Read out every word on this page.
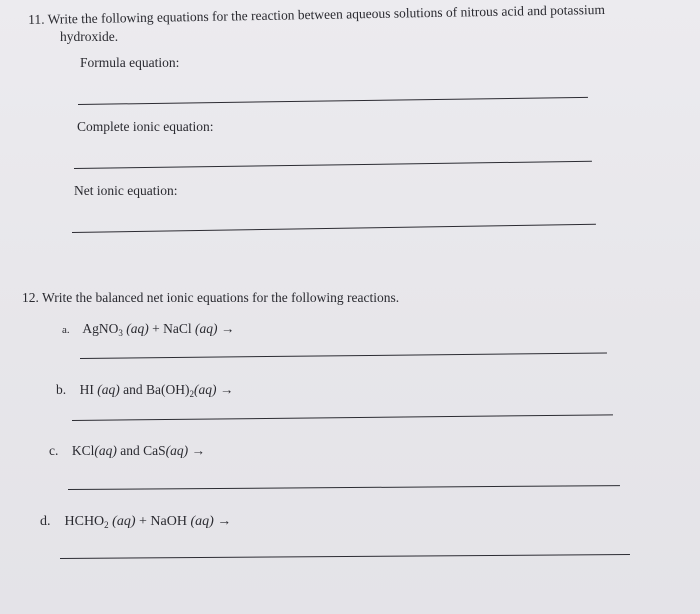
11. Write the following equations for the reaction between aqueous solutions of nitrous acid and potassium
hydroxide.
Formula equation:
Complete ionic equation:
Net ionic equation:
12. Write the balanced net ionic equations for the following reactions.
a. AgNO$_3$ (aq) + NaCl (aq) →
b. HI (aq) and $Ba(OH)_2(aq)$ →
c. KCl(aq) and CaS(aq) →
d. $HCHO_2$ (aq) + NaOH (aq) →
